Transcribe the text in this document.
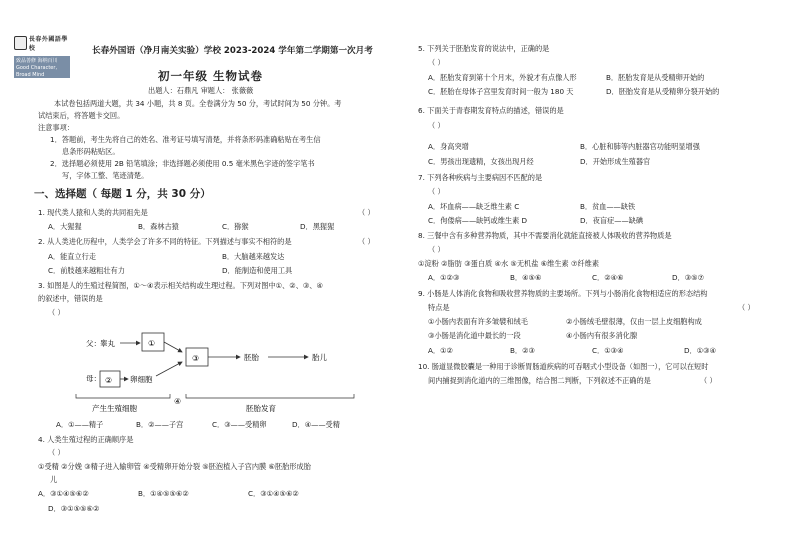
長春外國語學校
致品善修 海纳百川
Good Character, Broad Mind
长春外国语（净月南关实验）学校 2023-2024 学年第二学期第一次月考
初一年级 生物试卷
出题人：石鼎凡 审题人： 张薇薇
本试卷包括两道大题，共 34 小题，共 8 页。全卷满分为 50 分，考试时间为 50 分钟。考
试结束后，将答题卡交回。
注意事项：
1．答题前，考生先将自己的姓名、准考证号填写清楚，并将条形码准确粘贴在考生信
息条形码粘贴区。
2．选择题必须使用 2B 铅笔填涂；非选择题必须使用 0.5 毫米黑色字迹的签字笔书
写，字体工整、笔迹清楚。
一、选择题（ 每题 1 分，共 30 分）
1. 现代类人猿和人类的共同祖先是	（ ）
A．大猩猩	B．森林古猿	C．猕猴	D．黑猩猩
2. 从人类进化历程中，人类学会了许多不同的特征。下列描述与事实不相符的是	（ ）
A．能直立行走	B．大脑越来越发达
C．前肢越来越粗壮有力	D．能制造和使用工具
3. 如图是人的生殖过程简图，①～④表示相关结构或生理过程。下列对图中①、②、③、④
的叙述中，错误的是
（ ）
父： 睾丸	①
母： ② 卵细胞
③	胚胎	胎儿
产生生殖细胞
④
胚胎发育
A．①——精子	B．②——子宫	C．③——受精卵	D．④——受精
4. 人类生殖过程的正确顺序是
（ ）
①受精 ②分娩 ③精子进入输卵管 ④受精卵开始分裂 ⑤胚泡植入子宫内膜 ⑥胚胎形成胎
儿
A．③①④⑤⑥②	B．①④⑤⑤⑥②	C．③①④⑤⑥②
D．③①⑤⑤⑥②
5. 下列关于胚胎发育的说法中，正确的是
（ ）
A．胚胎发育到第十个月末，外貌才有点像人形	B．胚胎发育是从受精卵开始的
C．胚胎在母体子宫里发育时间一般为 180 天	D．胚胎发育是从受精卵分裂开始的
6. 下面关于青春期发育特点的描述，错误的是
（ ）
A．身高突增	B．心脏和肺等内脏器官功能明显增强
C．男孩出现遗精，女孩出现月经	D．开始形成生殖器官
7. 下列各种疾病与主要病因不匹配的是
（ ）
A．坏血病——缺乏维生素 C	B．贫血——缺铁
C．佝偻病——缺钙或维生素 D	D．夜盲症——缺碘
8. 三餐中含有多种营养物质，其中不需要消化就能直接被人体吸收的营养物质是
（ ）
①淀粉 ②脂肪 ③蛋白质 ④水 ⑤无机盐 ⑥维生素 ⑦纤维素
A．①②③	B．④⑤⑥	C．②④⑥	D．③⑤⑦
9. 小肠是人体消化食物和吸收营养物质的主要场所。下列与小肠消化食物相适应的形态结构
特点是	（ ）
①小肠内表面有许多皱襞和绒毛	②小肠绒毛壁很薄，仅由一层上皮细胞构成
③小肠是消化道中最长的一段	④小肠内有很多消化腺
A．①②	B．②③	C．①③④	D．①③④
10. 肠道显微胶囊是一种用于诊断胃肠道疾病的可吞咽式小型设备（如图一），它可以在短时
间内捕捉到消化道内的三维图像，结合图二判断，下列叙述不正确的是	（ ）
